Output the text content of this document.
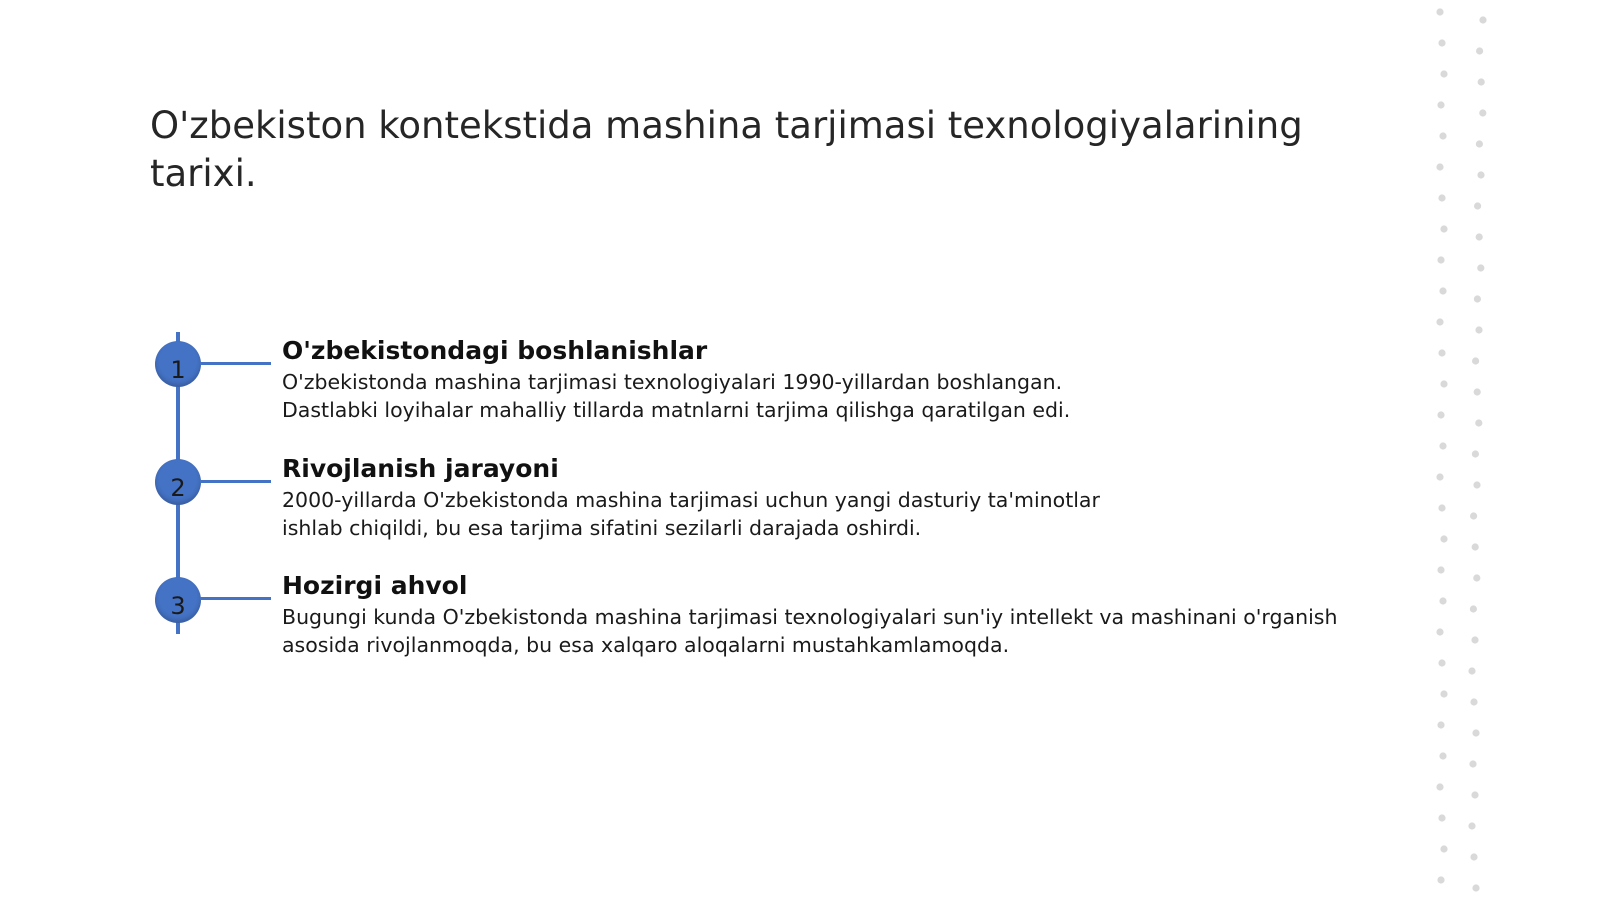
O'zbekiston kontekstida mashina tarjimasi texnologiyalarining tarixi.
1

O'zbekistondagi boshlanishlar

O'zbekistonda mashina tarjimasi texnologiyalari 1990-yillardan boshlangan. Dastlabki loyihalar mahalliy tillarda matnlarni tarjima qilishga qaratilgan edi.

2

Rivojlanish jarayoni

2000-yillarda O'zbekistonda mashina tarjimasi uchun yangi dasturiy ta'minotlar ishlab chiqildi, bu esa tarjima sifatini sezilarli darajada oshirdi.

3

Hozirgi ahvol

Bugungi kunda O'zbekistonda mashina tarjimasi texnologiyalari sun'iy intellekt va mashinani o'rganish asosida rivojlanmoqda, bu esa xalqaro aloqalarni mustahkamlamoqda.
